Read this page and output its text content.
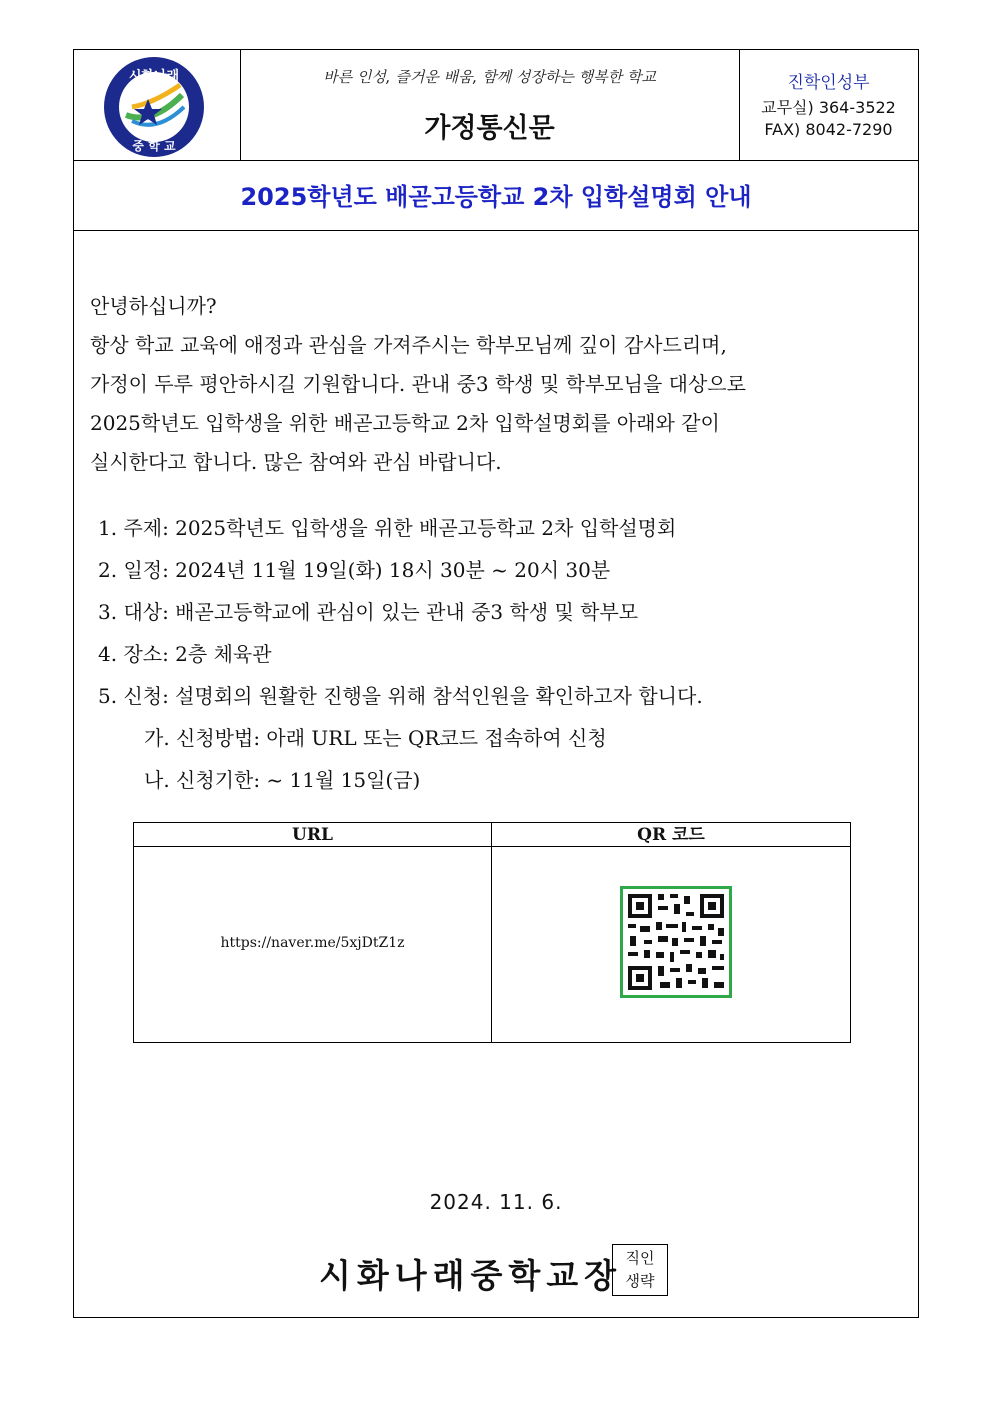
시화나래
중 학 교
바른 인성, 즐거운 배움, 함께 성장하는 행복한 학교
가정통신문
진학인성부
교무실) 364-3522
FAX) 8042-7290
2025학년도 배곧고등학교 2차 입학설명회 안내
안녕하십니까?
항상 학교 교육에 애정과 관심을 가져주시는 학부모님께 깊이 감사드리며,
가정이 두루 평안하시길 기원합니다. 관내 중3 학생 및 학부모님을 대상으로
2025학년도 입학생을 위한 배곧고등학교 2차 입학설명회를 아래와 같이
실시한다고 합니다. 많은 참여와 관심 바랍니다.
1. 주제: 2025학년도 입학생을 위한 배곧고등학교 2차 입학설명회
2. 일정: 2024년 11월 19일(화) 18시 30분 ~ 20시 30분
3. 대상: 배곧고등학교에 관심이 있는 관내 중3 학생 및 학부모
4. 장소: 2층 체육관
5. 신청: 설명회의 원활한 진행을 위해 참석인원을 확인하고자 합니다.
가. 신청방법: 아래 URL 또는 QR코드 접속하여 신청
나. 신청기한: ~ 11월 15일(금)
URL	QR 코드
https://naver.me/5xjDtZ1z
2024. 11. 6.
시화나래중학교장 직인
생략
